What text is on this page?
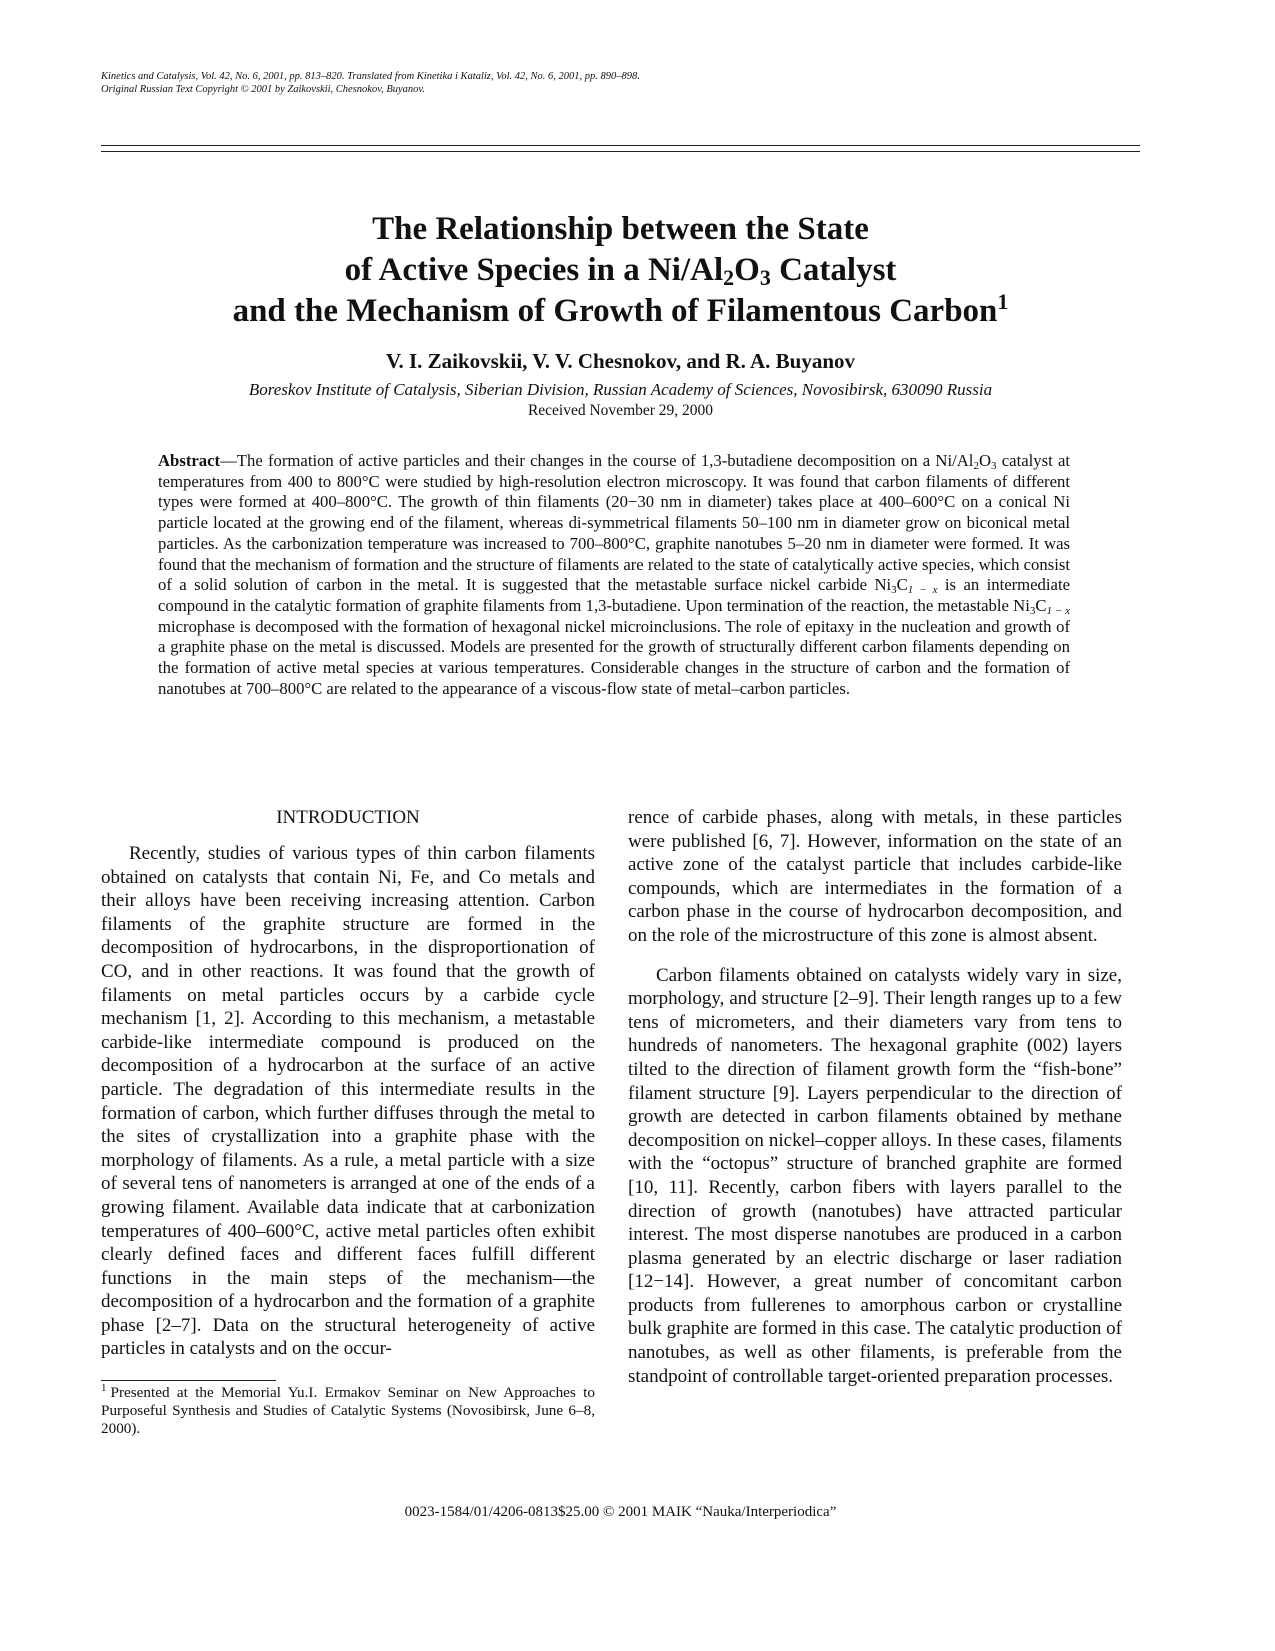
Kinetics and Catalysis, Vol. 42, No. 6, 2001, pp. 813–820. Translated from Kinetika i Kataliz, Vol. 42, No. 6, 2001, pp. 890–898.
Original Russian Text Copyright © 2001 by Zaikovskii, Chesnokov, Buyanov.
The Relationship between the State
of Active Species in a $Ni/Al_2O_3$ Catalyst
and the Mechanism of Growth of Filamentous Carbon$^1$
V. I. Zaikovskii, V. V. Chesnokov, and R. A. Buyanov
Boreskov Institute of Catalysis, Siberian Division, Russian Academy of Sciences, Novosibirsk, 630090 Russia
Received November 29, 2000
Abstract—The formation of active particles and their changes in the course of 1,3-butadiene decomposition on a $Ni/Al_2O_3$ catalyst at temperatures from 400 to 800°C were studied by high-resolution electron microscopy. It was found that carbon filaments of different types were formed at 400–800°C. The growth of thin filaments (20−30 nm in diameter) takes place at 400–600°C on a conical Ni particle located at the growing end of the filament, whereas di-symmetrical filaments 50–100 nm in diameter grow on biconical metal particles. As the carbonization temperature was increased to 700–800°C, graphite nanotubes 5–20 nm in diameter were formed. It was found that the mechanism of formation and the structure of filaments are related to the state of catalytically active species, which consist of a solid solution of carbon in the metal. It is suggested that the metastable surface nickel carbide $Ni_3C_{1 - x}$ is an intermediate compound in the catalytic formation of graphite filaments from 1,3-butadiene. Upon termination of the reaction, the metastable $Ni_3C_{1 - x}$ microphase is decomposed with the formation of hexagonal nickel microinclusions. The role of epitaxy in the nucleation and growth of a graphite phase on the metal is discussed. Models are presented for the growth of structurally different carbon filaments depending on the formation of active metal species at various temperatures. Considerable changes in the structure of carbon and the formation of nanotubes at 700–800°C are related to the appearance of a viscous-flow state of metal–carbon particles.
INTRODUCTION

Recently, studies of various types of thin carbon filaments obtained on catalysts that contain Ni, Fe, and Co metals and their alloys have been receiving increasing attention. Carbon filaments of the graphite structure are formed in the decomposition of hydrocarbons, in the disproportionation of CO, and in other reactions. It was found that the growth of filaments on metal particles occurs by a carbide cycle mechanism [1, 2]. According to this mechanism, a metastable carbide-like intermediate compound is produced on the decomposition of a hydrocarbon at the surface of an active particle. The degradation of this intermediate results in the formation of carbon, which further diffuses through the metal to the sites of crystallization into a graphite phase with the morphology of filaments. As a rule, a metal particle with a size of several tens of nanometers is arranged at one of the ends of a growing filament. Available data indicate that at carbonization temperatures of 400–600°C, active metal particles often exhibit clearly defined faces and different faces fulfill different functions in the main steps of the mechanism—the decomposition of a hydrocarbon and the formation of a graphite phase [2–7]. Data on the structural heterogeneity of active particles in catalysts and on the occur-

rence of carbide phases, along with metals, in these particles were published [6, 7]. However, information on the state of an active zone of the catalyst particle that includes carbide-like compounds, which are intermediates in the formation of a carbon phase in the course of hydrocarbon decomposition, and on the role of the microstructure of this zone is almost absent.

Carbon filaments obtained on catalysts widely vary in size, morphology, and structure [2–9]. Their length ranges up to a few tens of micrometers, and their diameters vary from tens to hundreds of nanometers. The hexagonal graphite (002) layers tilted to the direction of filament growth form the “fish-bone” filament structure [9]. Layers perpendicular to the direction of growth are detected in carbon filaments obtained by methane decomposition on nickel–copper alloys. In these cases, filaments with the “octopus” structure of branched graphite are formed [10, 11]. Recently, carbon fibers with layers parallel to the direction of growth (nanotubes) have attracted particular interest. The most disperse nanotubes are produced in a carbon plasma generated by an electric discharge or laser radiation [12−14]. However, a great number of concomitant carbon products from fullerenes to amorphous carbon or crystalline bulk graphite are formed in this case. The catalytic production of nanotubes, as well as other filaments, is preferable from the standpoint of controllable target-oriented preparation processes.

$^1$ Presented at the Memorial Yu.I. Ermakov Seminar on New Approaches to Purposeful Synthesis and Studies of Catalytic Systems (Novosibirsk, June 6–8, 2000).
0023-1584/01/4206-0813$25.00 © 2001 MAIK “Nauka/Interperiodica”
